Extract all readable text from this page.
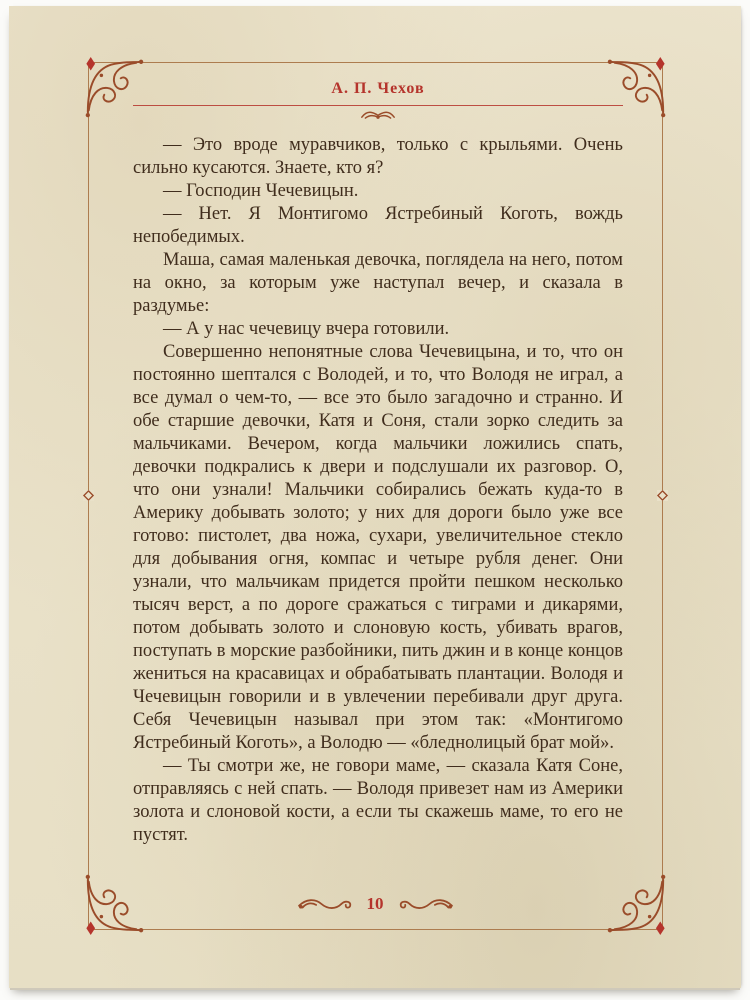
А. П. Чехов

— Это вроде муравчиков, только с крыльями. Очень сильно кусаются. Знаете, кто я?

— Господин Чечевицын.

— Нет. Я Монтигомо Ястребиный Коготь, вождь непобедимых.

Маша, самая маленькая девочка, поглядела на него, потом на окно, за которым уже наступал вечер, и сказала в раздумье:

— А у нас чечевицу вчера готовили.

Совершенно непонятные слова Чечевицына, и то, что он постоянно шептался с Володей, и то, что Володя не играл, а все думал о чем-то, — все это было загадочно и странно. И обе старшие девочки, Катя и Соня, стали зорко следить за мальчиками. Вечером, когда мальчики ложились спать, девочки подкрались к двери и подслушали их разговор. О, что они узнали! Мальчики собирались бежать куда-то в Америку добывать золото; у них для дороги было уже все готово: пистолет, два ножа, сухари, увеличительное стекло для добывания огня, компас и четыре рубля денег. Они узнали, что мальчикам придется пройти пешком несколько тысяч верст, а по дороге сражаться с тиграми и дикарями, потом добывать золото и слоновую кость, убивать врагов, поступать в морские разбойники, пить джин и в конце концов жениться на красавицах и обрабатывать плантации. Володя и Чечевицын говорили и в увлечении перебивали друг друга. Себя Чечевицын называл при этом так: «Монтигомо Ястребиный Коготь», а Володю — «бледнолицый брат мой».

— Ты смотри же, не говори маме, — сказала Катя Соне, отправляясь с ней спать. — Володя привезет нам из Америки золота и слоновой кости, а если ты скажешь маме, то его не пустят.

10
